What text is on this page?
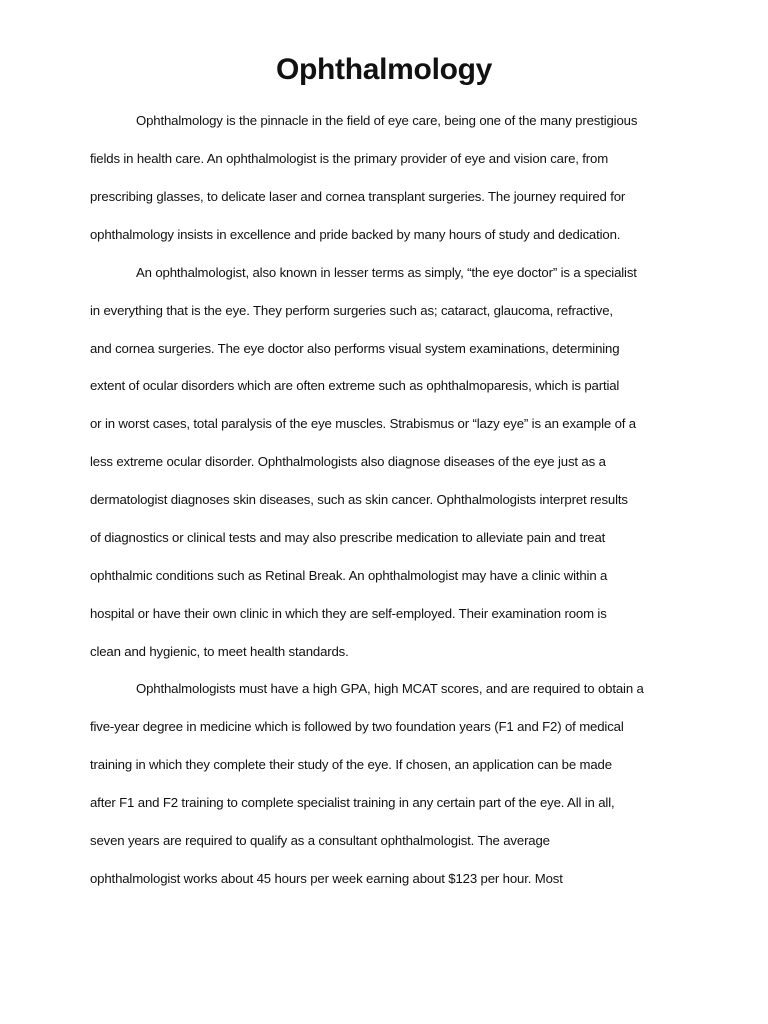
Ophthalmology
Ophthalmology is the pinnacle in the field of eye care, being one of the many prestigious
fields in health care. An ophthalmologist is the primary provider of eye and vision care, from
prescribing glasses, to delicate laser and cornea transplant surgeries. The journey required for
ophthalmology insists in excellence and pride backed by many hours of study and dedication.
An ophthalmologist, also known in lesser terms as simply, “the eye doctor” is a specialist
in everything that is the eye. They perform surgeries such as; cataract, glaucoma, refractive,
and cornea surgeries. The eye doctor also performs visual system examinations, determining
extent of ocular disorders which are often extreme such as ophthalmoparesis, which is partial
or in worst cases, total paralysis of the eye muscles. Strabismus or “lazy eye” is an example of a
less extreme ocular disorder. Ophthalmologists also diagnose diseases of the eye just as a
dermatologist diagnoses skin diseases, such as skin cancer. Ophthalmologists interpret results
of diagnostics or clinical tests and may also prescribe medication to alleviate pain and treat
ophthalmic conditions such as Retinal Break. An ophthalmologist may have a clinic within a
hospital or have their own clinic in which they are self-employed. Their examination room is
clean and hygienic, to meet health standards.
Ophthalmologists must have a high GPA, high MCAT scores, and are required to obtain a
five-year degree in medicine which is followed by two foundation years (F1 and F2) of medical
training in which they complete their study of the eye. If chosen, an application can be made
after F1 and F2 training to complete specialist training in any certain part of the eye. All in all,
seven years are required to qualify as a consultant ophthalmologist. The average
ophthalmologist works about 45 hours per week earning about $123 per hour. Most
